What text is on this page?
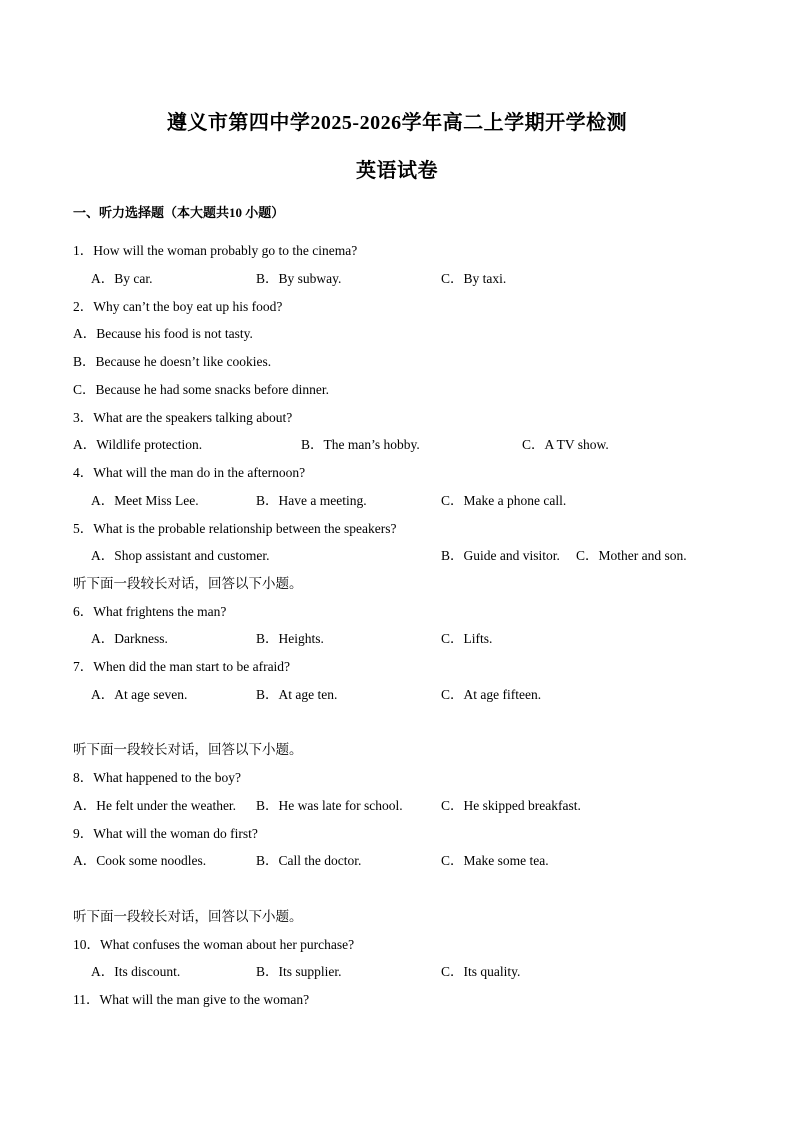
遵义市第四中学2025-2026学年高二上学期开学检测
英语试卷
一、听力选择题（本大题共10 小题）
1．How will the woman probably go to the cinema?
A．By car.	B．By subway.	C．By taxi.
2．Why can’t the boy eat up his food?
A．Because his food is not tasty.
B．Because he doesn’t like cookies.
C．Because he had some snacks before dinner.
3．What are the speakers talking about?
A．Wildlife protection.	B．The man’s hobby.	C．A TV show.
4．What will the man do in the afternoon?
A．Meet Miss Lee.	B．Have a meeting.	C．Make a phone call.
5．What is the probable relationship between the speakers?
A．Shop assistant and customer.	B．Guide and visitor. C．Mother and son.
听下面一段较长对话，回答以下小题。
6．What frightens the man?
A．Darkness.	B．Heights.	C．Lifts.
7．When did the man start to be afraid?
A．At age seven.	B．At age ten.	C．At age fifteen.
听下面一段较长对话，回答以下小题。
8．What happened to the boy?
A．He felt under the weather. B．He was late for school.	C．He skipped breakfast.
9．What will the woman do first?
A．Cook some noodles.	B．Call the doctor.	C．Make some tea.
听下面一段较长对话，回答以下小题。
10．What confuses the woman about her purchase?
A．Its discount.	B．Its supplier.	C．Its quality.
11．What will the man give to the woman?
